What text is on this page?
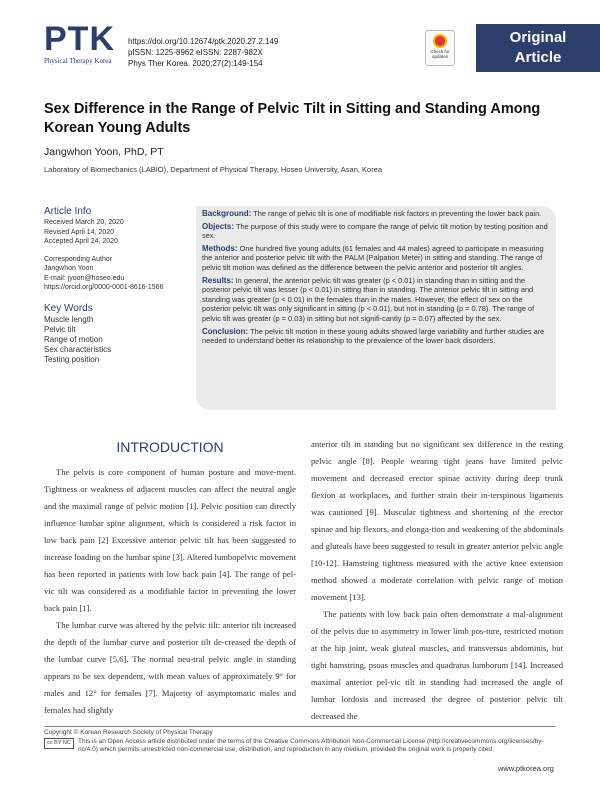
PTK
Physical Therapy Korea
https://doi.org/10.12674/ptk.2020.27.2.149
pISSN: 1225-8962 eISSN: 2287-982X
Phys Ther Korea. 2020;27(2):149-154
Check for
updates
Original
Article
Sex Difference in the Range of Pelvic Tilt in Sitting and Standing Among Korean Young Adults
Jangwhon Yoon, PhD, PT
Laboratory of Biomechanics (LABIO), Department of Physical Therapy, Hoseo University, Asan, Korea
Article Info
Received March 20, 2020
Revised April 14, 2020
Accepted April 24, 2020
Corresponding Author
Jangwhon Yoon
E-mail: jyoon@hoseo.edu
https://orcid.org/0000-0001-8616-1566
Key Words
Muscle length
Pelvic tilt
Range of motion
Sex characteristics
Testing position

Background: The range of pelvic tilt is one of modifiable risk factors in preventing the lower back pain.

Objects: The purpose of this study were to compare the range of pelvic tilt motion by testing position and sex.

Methods: One hundred five young adults (61 females and 44 males) agreed to participate in measuring the anterior and posterior pelvic tilt with the PALM (Palpation Meter) in sitting and standing. The range of pelvic tilt motion was defined as the difference between the pelvic anterior and posterior tilt angles.

Results: In general, the anterior pelvic tilt was greater (p < 0.01) in standing than in sitting and the posterior pelvic tilt was lesser (p < 0.01) in sitting than in standing. The anterior pelvic tilt in sitting and standing was greater (p < 0.01) in the females than in the males. However, the effect of sex on the posterior pelvic tilt was only significant in sitting (p < 0.01), but not in standing (p = 0.78). The range of pelvic tilt was greater (p = 0.03) in sitting but not signifi-cantly (p = 0.07) affected by the sex.

Conclusion: The pelvic tilt motion in these young adults showed large variability and further studies are needed to understand better its relationship to the prevalence of the lower back disorders.

INTRODUCTION

The pelvis is core component of human posture and move-ment. Tightness or weakness of adjacent muscles can affect the neutral angle and the maximal range of pelvic motion [1]. Pelvic position can directly influence lumbar spine alignment, which is considered a risk factor in low back pain [2] Excessive anterior pelvic tilt has been suggested to increase loading on the lumbar spine [3]. Altered lumbopelvic movement has been reported in patients with low back pain [4]. The range of pel-vic tilt was considered as a modifiable factor in preventing the lower back pain [1].

The lumbar curve was altered by the pelvic tilt: anterior tilt increased the depth of the lumbar curve and posterior tilt de-creased the depth of the lumbar curve [5,6]. The normal neu-tral pelvic angle in standing appears to be sex dependent, with mean values of approximately 9° for males and 12° for females [7]. Majority of asymptomatic males and females had slightly

anterior tilt in standing but no significant sex difference in the resting pelvic angle [8]. People wearing tight jeans have limited pelvic movement and decreased erector spinae activity during deep trunk flexion at workplaces, and further strain their in-terspinous ligaments was cautioned [9]. Muscular tightness and shortening of the erector spinae and hip flexors, and elonga-tion and weakening of the abdominals and gluteals have been suggested to result in greater anterior pelvic angle [10-12]. Hamstring tightness measured with the active knee extension method showed a moderate correlation with pelvic range of motion movement [13].

The patients with low back pain often demonstrate a mal-alignment of the pelvis due to asymmetry in lower limb pos-ture, restricted motion at the hip joint, weak gluteal muscles, and transversus abdominis, but tight hamstring, psoas muscles and quadratus lumborum [14]. Increased maximal anterior pel-vic tilt in standing had increased the angle of lumbar lordosis and increased the degree of posterior pelvic tilt decreased the

Copyright © Korean Research Society of Physical Therapy
cc BY NC This is an Open Access article distributed under the terms of the Creative Commons Attribution Non-Commercial License (http://creativecommons.org/licenses/by-nc/4.0) which permits unrestricted non-commercial use, distribution, and reproduction in any medium, provided the original work is properly cited.
www.ptkorea.org
